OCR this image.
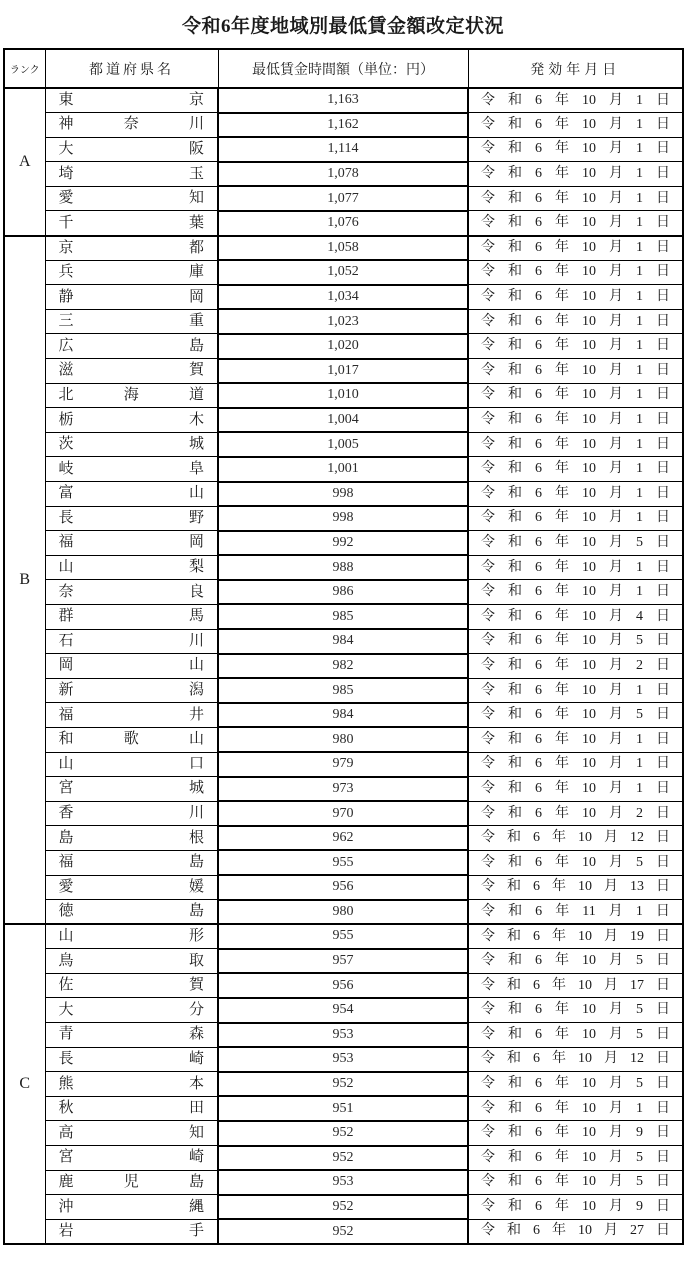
令和6年度地域別最低賃金額改定状況
ランク	都道府県名	最低賃金時間額（単位：円）	発効年月日
A	
東	京	1,163	令 和 6 年 10 月 1 日

神	奈	川	1,162	令 和 6 年 10 月 1 日

大	阪	1,114	令 和 6 年 10 月 1 日

埼	玉	1,078	令 和 6 年 10 月 1 日

愛	知	1,077	令 和 6 年 10 月 1 日

千	葉	1,076	令 和 6 年 10 月 1 日

B	
京	都	1,058	令 和 6 年 10 月 1 日

兵	庫	1,052	令 和 6 年 10 月 1 日

静	岡	1,034	令 和 6 年 10 月 1 日

三	重	1,023	令 和 6 年 10 月 1 日

広	島	1,020	令 和 6 年 10 月 1 日

滋	賀	1,017	令 和 6 年 10 月 1 日

北	海	道	1,010	令 和 6 年 10 月 1 日

栃	木	1,004	令 和 6 年 10 月 1 日

茨	城	1,005	令 和 6 年 10 月 1 日

岐	阜	1,001	令 和 6 年 10 月 1 日

富	山	998	令 和 6 年 10 月 1 日

長	野	998	令 和 6 年 10 月 1 日

福	岡	992	令 和 6 年 10 月 5 日

山	梨	988	令 和 6 年 10 月 1 日

奈	良	986	令 和 6 年 10 月 1 日

群	馬	985	令 和 6 年 10 月 4 日

石	川	984	令 和 6 年 10 月 5 日

岡	山	982	令 和 6 年 10 月 2 日

新	潟	985	令 和 6 年 10 月 1 日

福	井	984	令 和 6 年 10 月 5 日

和	歌	山	980	令 和 6 年 10 月 1 日

山	口	979	令 和 6 年 10 月 1 日

宮	城	973	令 和 6 年 10 月 1 日

香	川	970	令 和 6 年 10 月 2 日

島	根	962	令 和 6 年 10 月 12 日

福	島	955	令 和 6 年 10 月 5 日

愛	媛	956	令 和 6 年 10 月 13 日

徳	島	980	令 和 6 年 11 月 1 日

C	
山	形	955	令 和 6 年 10 月 19 日

鳥	取	957	令 和 6 年 10 月 5 日

佐	賀	956	令 和 6 年 10 月 17 日

大	分	954	令 和 6 年 10 月 5 日

青	森	953	令 和 6 年 10 月 5 日

長	崎	953	令 和 6 年 10 月 12 日

熊	本	952	令 和 6 年 10 月 5 日

秋	田	951	令 和 6 年 10 月 1 日

高	知	952	令 和 6 年 10 月 9 日

宮	崎	952	令 和 6 年 10 月 5 日

鹿	児	島	953	令 和 6 年 10 月 5 日

沖	縄	952	令 和 6 年 10 月 9 日

岩	手	952	令 和 6 年 10 月 27 日
